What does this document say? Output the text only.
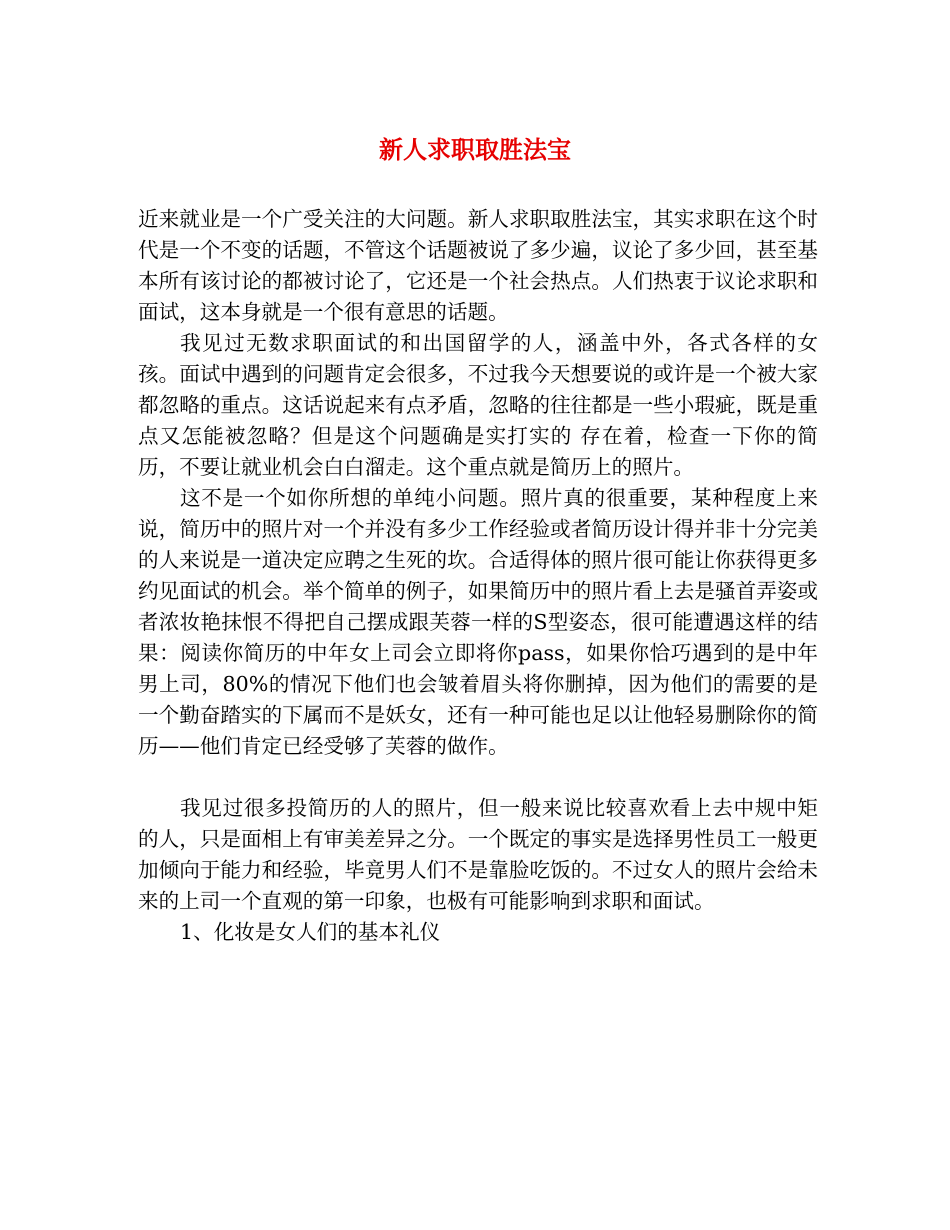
新人求职取胜法宝

近来就业是一个广受关注的大问题。新人求职取胜法宝，其实求职在这个时代是一个不变的话题，不管这个话题被说了多少遍，议论了多少回，甚至基本所有该讨论的都被讨论了，它还是一个社会热点。人们热衷于议论求职和面试，这本身就是一个很有意思的话题。

我见过无数求职面试的和出国留学的人，涵盖中外，各式各样的女孩。面试中遇到的问题肯定会很多，不过我今天想要说的或许是一个被大家都忽略的重点。这话说起来有点矛盾，忽略的往往都是一些小瑕疵，既是重点又怎能被忽略？但是这个问题确是实打实的 存在着，检查一下你的简历，不要让就业机会白白溜走。这个重点就是简历上的照片。

这不是一个如你所想的单纯小问题。照片真的很重要，某种程度上来说，简历中的照片对一个并没有多少工作经验或者简历设计得并非十分完美的人来说是一道决定应聘之生死的坎。合适得体的照片很可能让你获得更多约见面试的机会。举个简单的例子，如果简历中的照片看上去是骚首弄姿或者浓妆艳抹恨不得把自己摆成跟芙蓉一样的S型姿态，很可能遭遇这样的结果：阅读你简历的中年女上司会立即将你pass，如果你恰巧遇到的是中年男上司，80%的情况下他们也会皱着眉头将你删掉，因为他们的需要的是一个勤奋踏实的下属而不是妖女，还有一种可能也足以让他轻易删除你的简历——他们肯定已经受够了芙蓉的做作。

我见过很多投简历的人的照片，但一般来说比较喜欢看上去中规中矩的人，只是面相上有审美差异之分。一个既定的事实是选择男性员工一般更加倾向于能力和经验，毕竟男人们不是靠脸吃饭的。不过女人的照片会给未来的上司一个直观的第一印象，也极有可能影响到求职和面试。

1、化妆是女人们的基本礼仪
